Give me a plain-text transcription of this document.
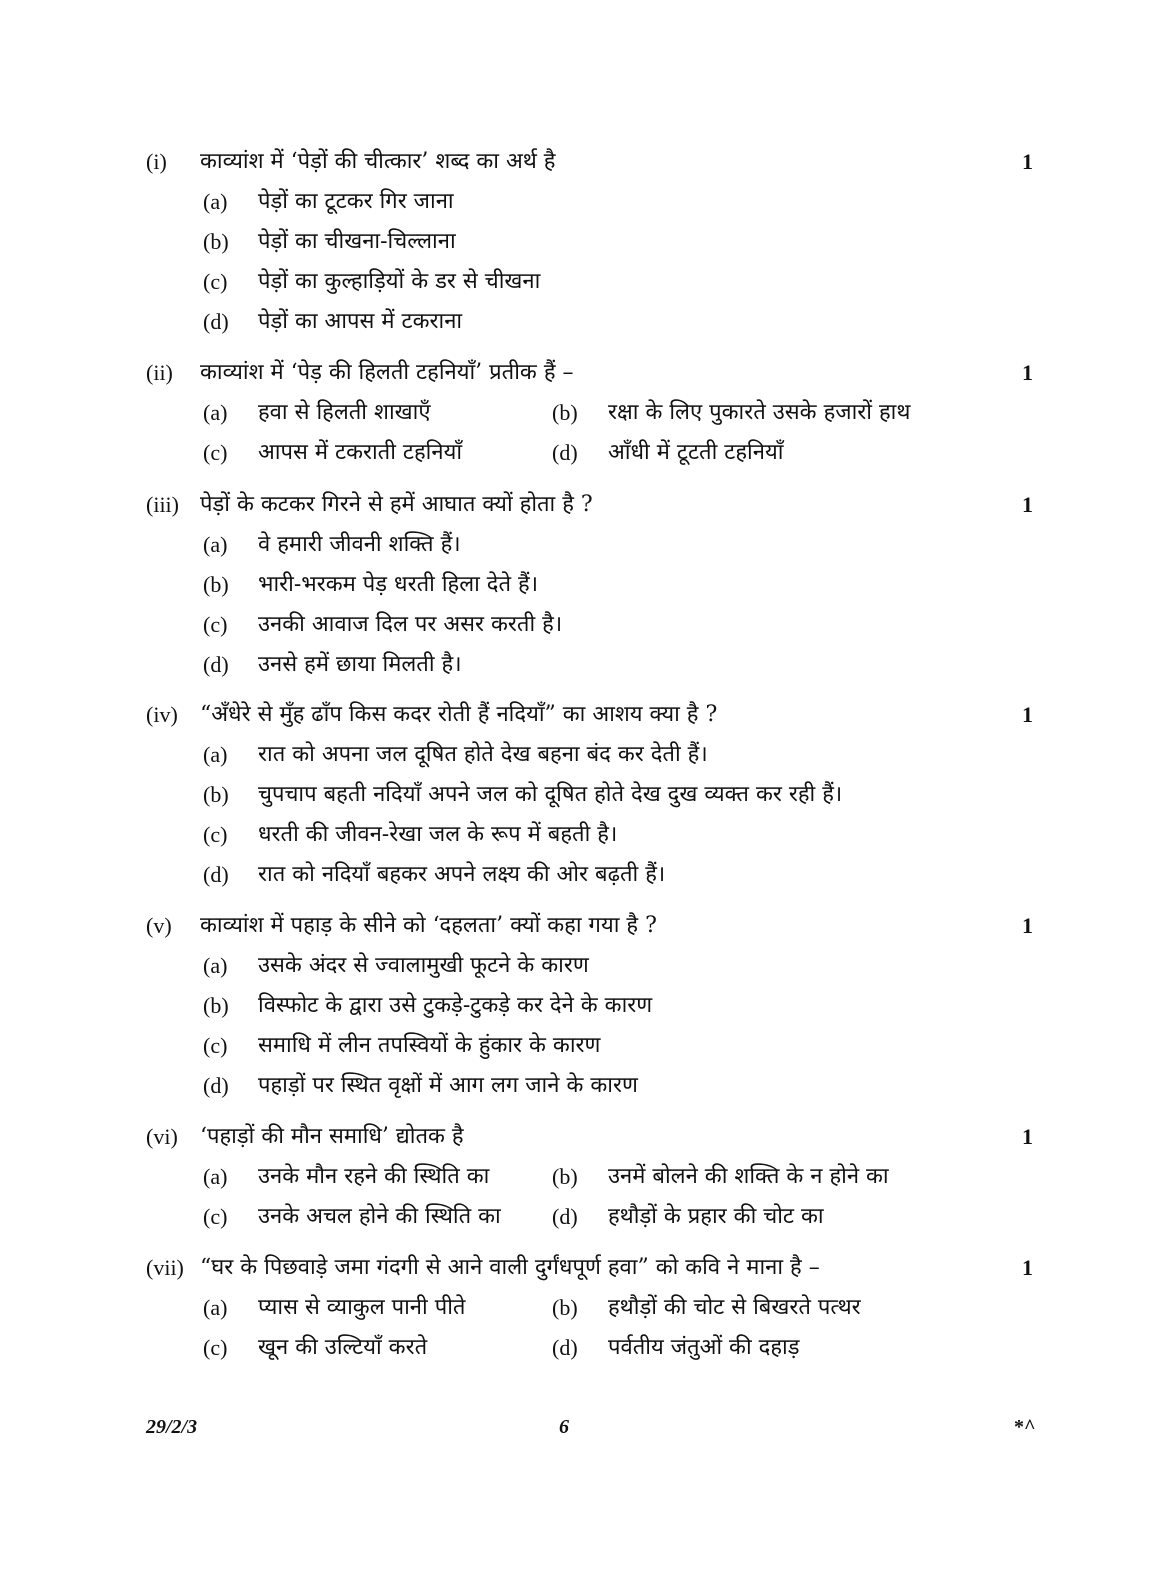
(i) काव्यांश में ‘पेड़ों की चीत्कार’ शब्द का अर्थ है	1
(a) पेड़ों का टूटकर गिर जाना
(b) पेड़ों का चीखना-चिल्लाना
(c) पेड़ों का कुल्हाड़ियों के डर से चीखना
(d) पेड़ों का आपस में टकराना
(ii) काव्यांश में ‘पेड़ की हिलती टहनियाँ’ प्रतीक हैं –	1
(a) हवा से हिलती शाखाएँ	(b) रक्षा के लिए पुकारते उसके हजारों हाथ
(c) आपस में टकराती टहनियाँ	(d) आँधी में टूटती टहनियाँ
(iii) पेड़ों के कटकर गिरने से हमें आघात क्यों होता है ?	1
(a) वे हमारी जीवनी शक्ति हैं।
(b) भारी-भरकम पेड़ धरती हिला देते हैं।
(c) उनकी आवाज दिल पर असर करती है।
(d) उनसे हमें छाया मिलती है।
(iv) “अँधेरे से मुँह ढाँप किस कदर रोती हैं नदियाँ” का आशय क्या है ?	1
(a) रात को अपना जल दूषित होते देख बहना बंद कर देती हैं।
(b) चुपचाप बहती नदियाँ अपने जल को दूषित होते देख दुख व्यक्त कर रही हैं।
(c) धरती की जीवन-रेखा जल के रूप में बहती है।
(d) रात को नदियाँ बहकर अपने लक्ष्य की ओर बढ़ती हैं।
(v) काव्यांश में पहाड़ के सीने को ‘दहलता’ क्यों कहा गया है ?	1
(a) उसके अंदर से ज्वालामुखी फूटने के कारण
(b) विस्फोट के द्वारा उसे टुकड़े-टुकड़े कर देने के कारण
(c) समाधि में लीन तपस्वियों के हुंकार के कारण
(d) पहाड़ों पर स्थित वृक्षों में आग लग जाने के कारण
(vi) ‘पहाड़ों की मौन समाधि’ द्योतक है	1
(a) उनके मौन रहने की स्थिति का	(b) उनमें बोलने की शक्ति के न होने का
(c) उनके अचल होने की स्थिति का (d) हथौड़ों के प्रहार की चोट का
(vii) “घर के पिछवाड़े जमा गंदगी से आने वाली दुर्गंधपूर्ण हवा” को कवि ने माना है –	1
(a) प्यास से व्याकुल पानी पीते	(b) हथौड़ों की चोट से बिखरते पत्थर
(c) खून की उल्टियाँ करते	(d) पर्वतीय जंतुओं की दहाड़
29/2/3	6	*^
